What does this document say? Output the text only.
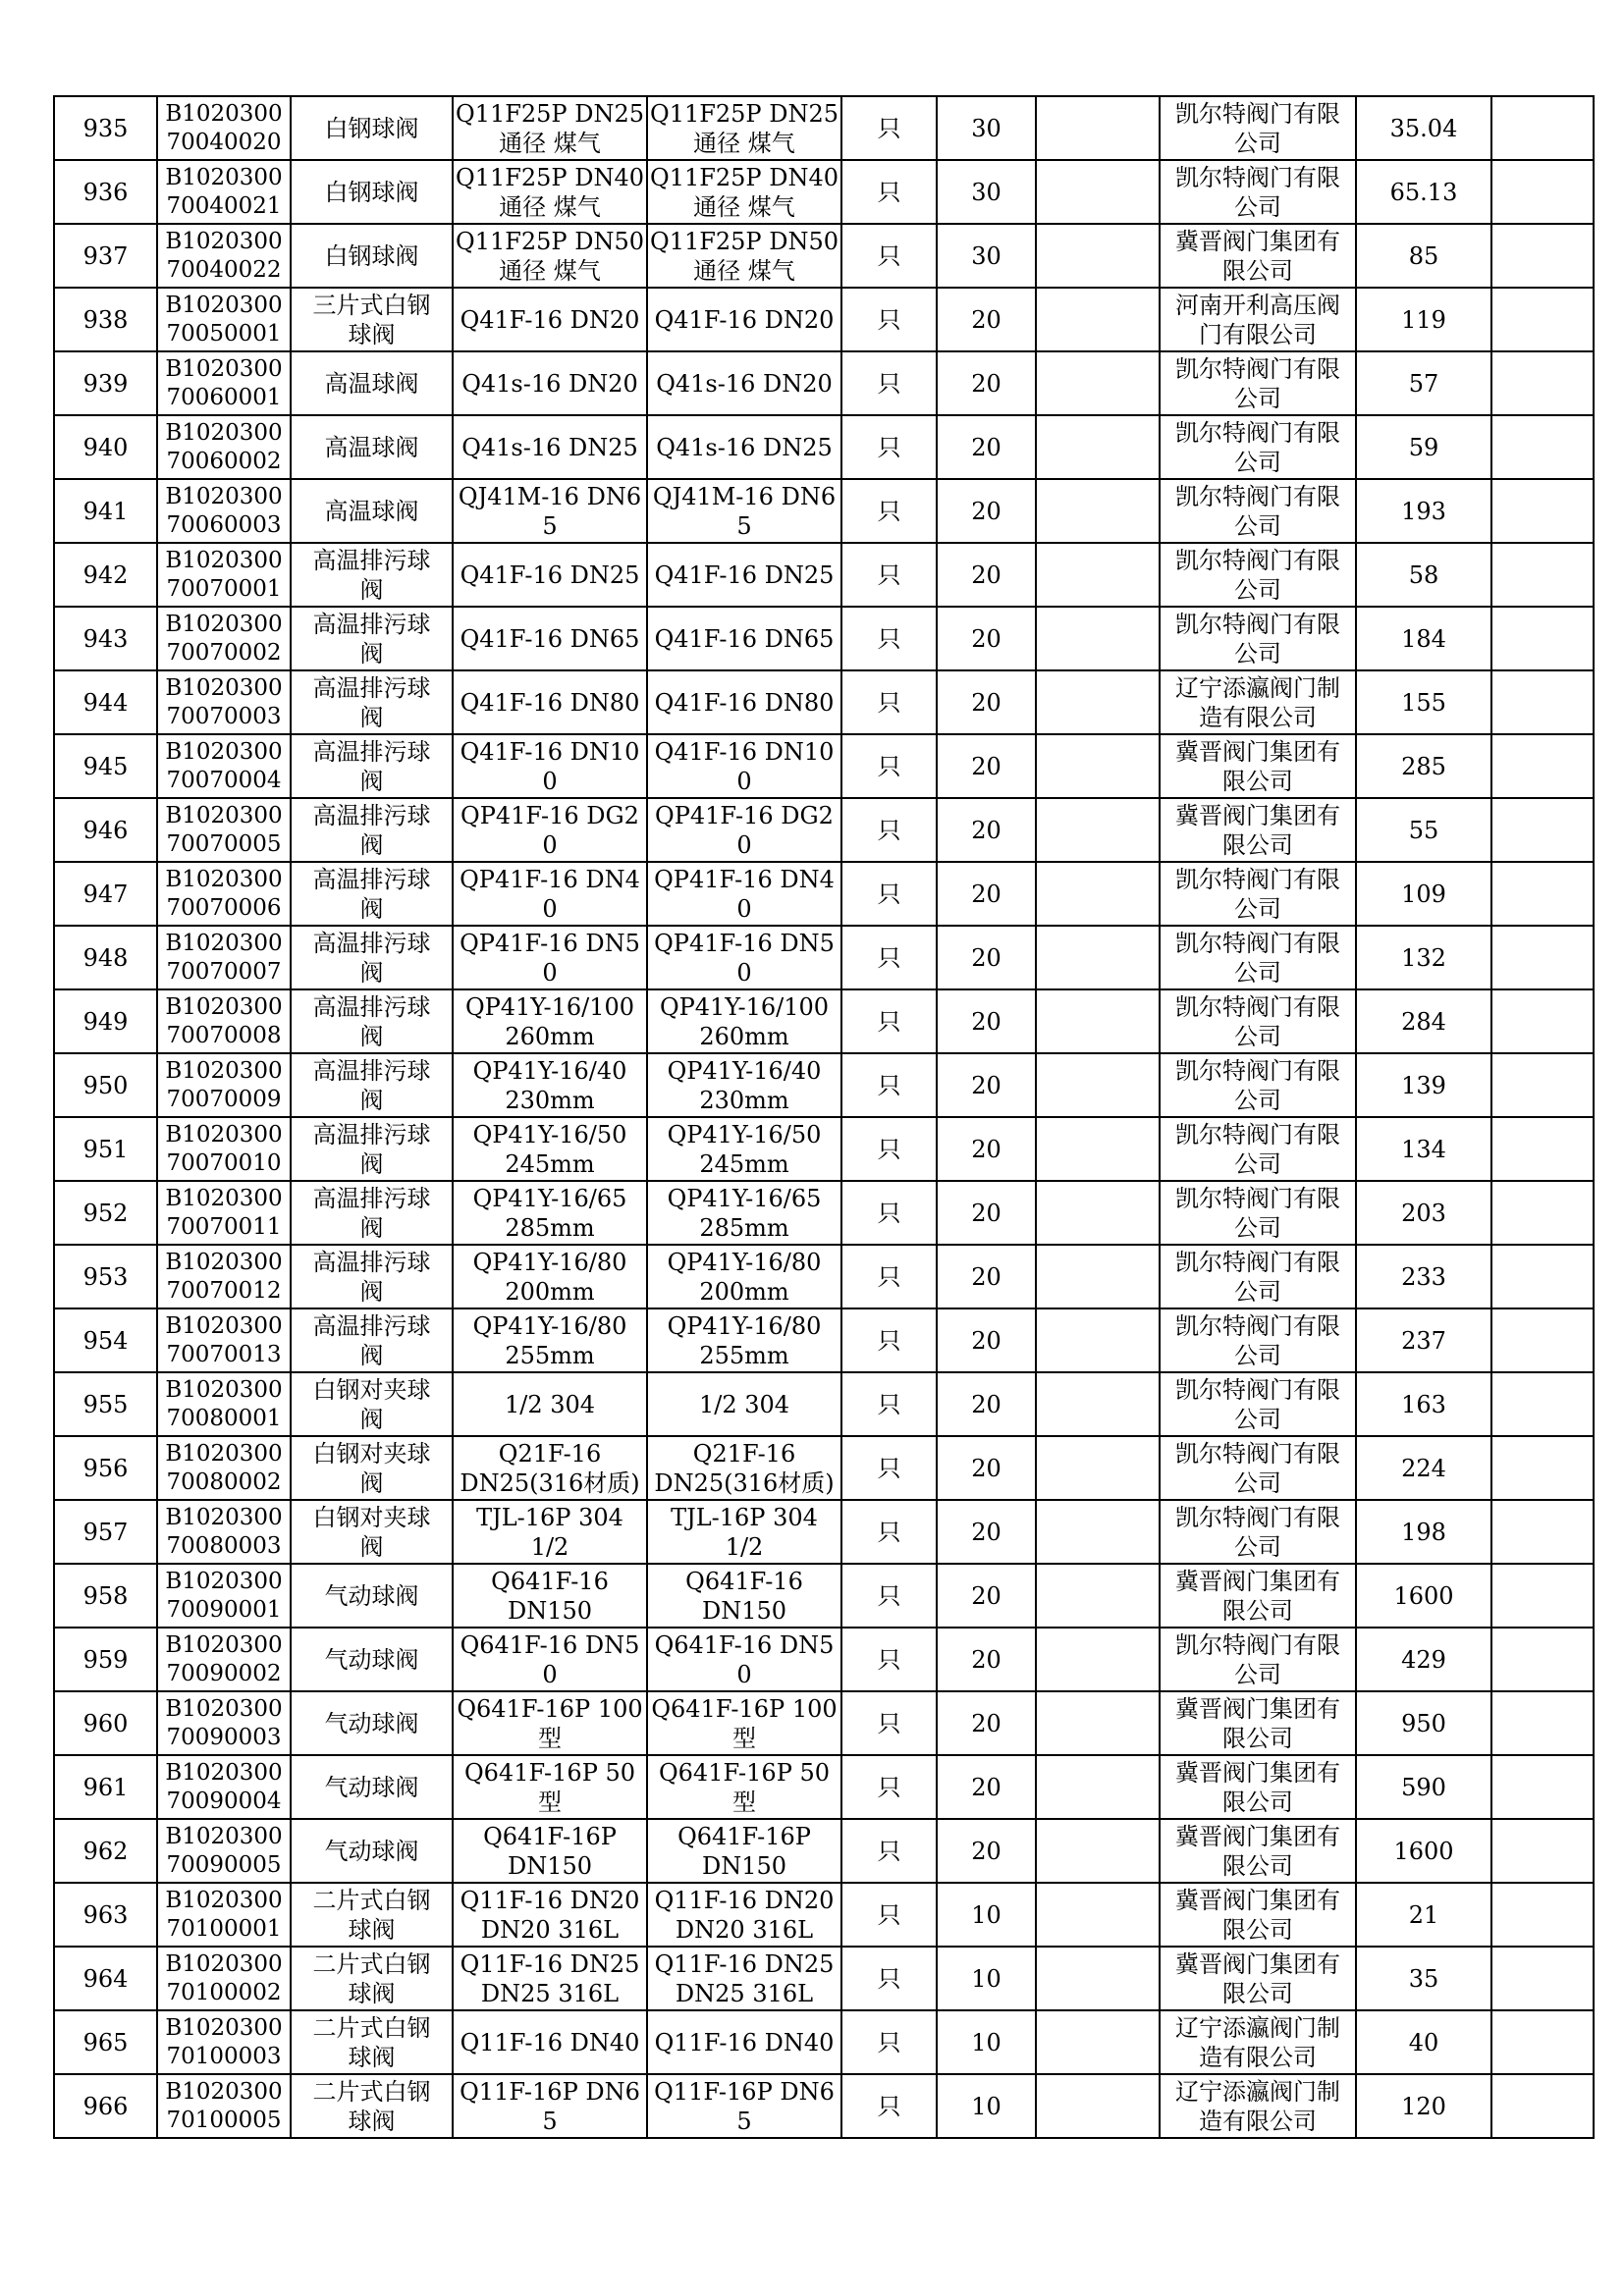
935	B1020300
70040020	白钢球阀	Q11F25P DN25
通径 煤气	Q11F25P DN25
通径 煤气	只	30		凯尔特阀门有限
公司	35.04	
936	B1020300
70040021	白钢球阀	Q11F25P DN40
通径 煤气	Q11F25P DN40
通径 煤气	只	30		凯尔特阀门有限
公司	65.13	
937	B1020300
70040022	白钢球阀	Q11F25P DN50
通径 煤气	Q11F25P DN50
通径 煤气	只	30		冀晋阀门集团有
限公司	85	
938	B1020300
70050001	三片式白钢
球阀	Q41F-16 DN20	Q41F-16 DN20	只	20		河南开利高压阀
门有限公司	119	
939	B1020300
70060001	高温球阀	Q41s-16 DN20	Q41s-16 DN20	只	20		凯尔特阀门有限
公司	57	
940	B1020300
70060002	高温球阀	Q41s-16 DN25	Q41s-16 DN25	只	20		凯尔特阀门有限
公司	59	
941	B1020300
70060003	高温球阀	QJ41M-16 DN65	QJ41M-16 DN65	只	20		凯尔特阀门有限
公司	193	
942	B1020300
70070001	高温排污球
阀	Q41F-16 DN25	Q41F-16 DN25	只	20		凯尔特阀门有限
公司	58	
943	B1020300
70070002	高温排污球
阀	Q41F-16 DN65	Q41F-16 DN65	只	20		凯尔特阀门有限
公司	184	
944	B1020300
70070003	高温排污球
阀	Q41F-16 DN80	Q41F-16 DN80	只	20		辽宁添瀛阀门制
造有限公司	155	
945	B1020300
70070004	高温排污球
阀	Q41F-16 DN100	Q41F-16 DN100	只	20		冀晋阀门集团有
限公司	285	
946	B1020300
70070005	高温排污球
阀	QP41F-16 DG20	QP41F-16 DG20	只	20		冀晋阀门集团有
限公司	55	
947	B1020300
70070006	高温排污球
阀	QP41F-16 DN40	QP41F-16 DN40	只	20		凯尔特阀门有限
公司	109	
948	B1020300
70070007	高温排污球
阀	QP41F-16 DN50	QP41F-16 DN50	只	20		凯尔特阀门有限
公司	132	
949	B1020300
70070008	高温排污球
阀	QP41Y-16/100
260mm	QP41Y-16/100
260mm	只	20		凯尔特阀门有限
公司	284	
950	B1020300
70070009	高温排污球
阀	QP41Y-16/40
230mm	QP41Y-16/40
230mm	只	20		凯尔特阀门有限
公司	139	
951	B1020300
70070010	高温排污球
阀	QP41Y-16/50
245mm	QP41Y-16/50
245mm	只	20		凯尔特阀门有限
公司	134	
952	B1020300
70070011	高温排污球
阀	QP41Y-16/65
285mm	QP41Y-16/65
285mm	只	20		凯尔特阀门有限
公司	203	
953	B1020300
70070012	高温排污球
阀	QP41Y-16/80
200mm	QP41Y-16/80
200mm	只	20		凯尔特阀门有限
公司	233	
954	B1020300
70070013	高温排污球
阀	QP41Y-16/80
255mm	QP41Y-16/80
255mm	只	20		凯尔特阀门有限
公司	237	
955	B1020300
70080001	白钢对夹球
阀	1/2 304	1/2 304	只	20		凯尔特阀门有限
公司	163	
956	B1020300
70080002	白钢对夹球
阀	Q21F-16
DN25(316材质)	Q21F-16
DN25(316材质)	只	20		凯尔特阀门有限
公司	224	
957	B1020300
70080003	白钢对夹球
阀	TJL-16P 304
1/2	TJL-16P 304
1/2	只	20		凯尔特阀门有限
公司	198	
958	B1020300
70090001	气动球阀	Q641F-16
DN150	Q641F-16
DN150	只	20		冀晋阀门集团有
限公司	1600	
959	B1020300
70090002	气动球阀	Q641F-16 DN50	Q641F-16 DN50	只	20		凯尔特阀门有限
公司	429	
960	B1020300
70090003	气动球阀	Q641F-16P 100
型	Q641F-16P 100
型	只	20		冀晋阀门集团有
限公司	950	
961	B1020300
70090004	气动球阀	Q641F-16P 50
型	Q641F-16P 50
型	只	20		冀晋阀门集团有
限公司	590	
962	B1020300
70090005	气动球阀	Q641F-16P
DN150	Q641F-16P
DN150	只	20		冀晋阀门集团有
限公司	1600	
963	B1020300
70100001	二片式白钢
球阀	Q11F-16 DN20
DN20 316L	Q11F-16 DN20
DN20 316L	只	10		冀晋阀门集团有
限公司	21	
964	B1020300
70100002	二片式白钢
球阀	Q11F-16 DN25
DN25 316L	Q11F-16 DN25
DN25 316L	只	10		冀晋阀门集团有
限公司	35	
965	B1020300
70100003	二片式白钢
球阀	Q11F-16 DN40	Q11F-16 DN40	只	10		辽宁添瀛阀门制
造有限公司	40	
966	B1020300
70100005	二片式白钢
球阀	Q11F-16P DN65	Q11F-16P DN65	只	10		辽宁添瀛阀门制
造有限公司	120	
